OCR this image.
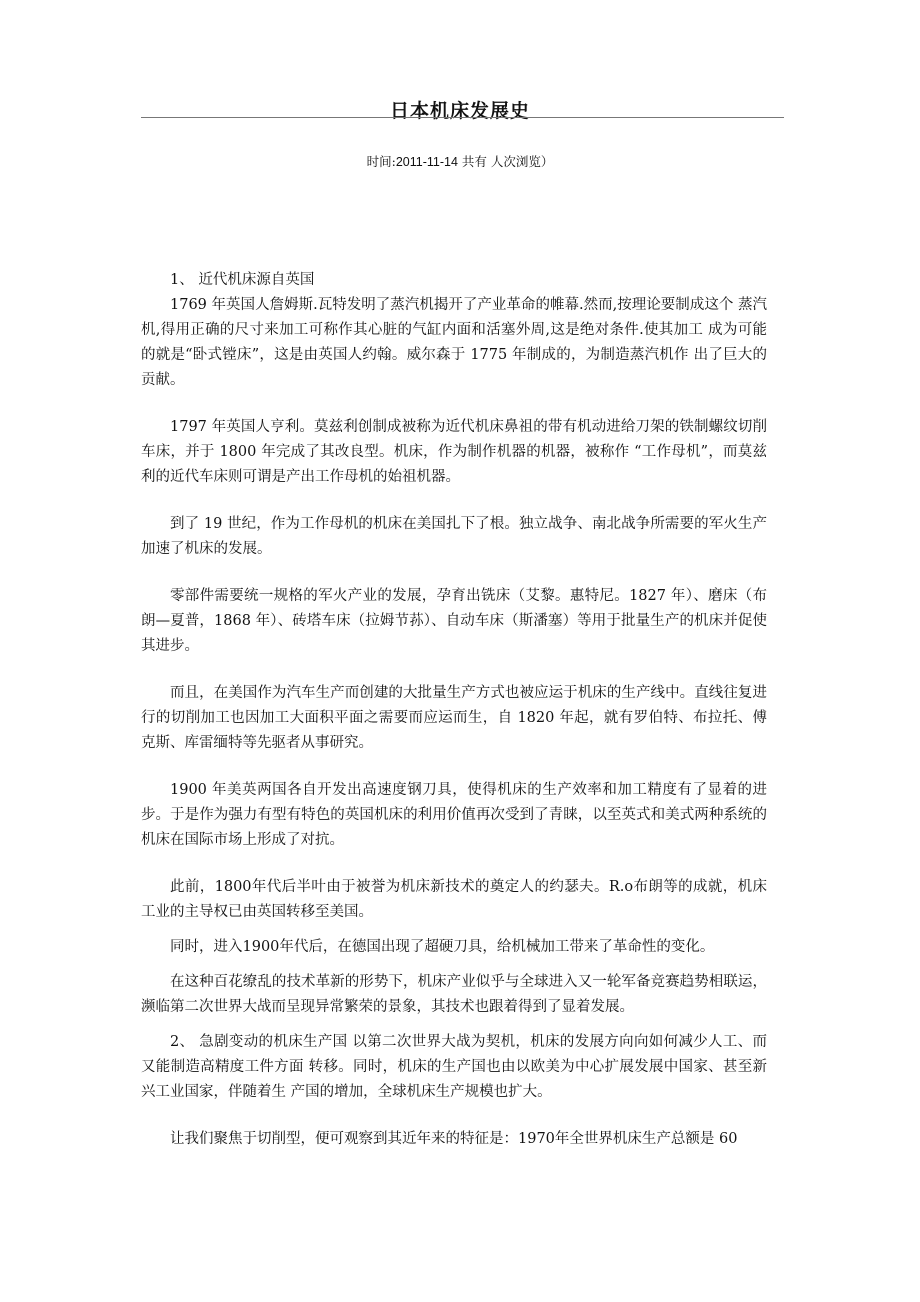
日本机床发展史
时间:2011-11-14 共有 人次浏览）

1、 近代机床源自英国

1769 年英国人詹姆斯.瓦特发明了蒸汽机揭开了产业革命的帷幕.然而,按理论要制成这个 蒸汽机,得用正确的尺寸来加工可称作其心脏的气缸内面和活塞外周,这是绝对条件.使其加工 成为可能的就是“卧式镗床”，这是由英国人约翰。威尔森于 1775 年制成的，为制造蒸汽机作 出了巨大的贡献。

1797 年英国人亨利。莫兹利创制成被称为近代机床鼻祖的带有机动进给刀架的铁制螺纹切削车床，并于 1800 年完成了其改良型。机床，作为制作机器的机器，被称作 “工作母机”，而莫兹利的近代车床则可谓是产出工作母机的始祖机器。

到了 19 世纪，作为工作母机的机床在美国扎下了根。独立战争、南北战争所需要的军火生产加速了机床的发展。

零部件需要统一规格的军火产业的发展，孕育出铣床（艾黎。惠特尼。1827 年）、磨床（布朗—夏普，1868 年）、砖塔车床（拉姆节荪）、自动车床（斯潘塞）等用于批量生产的机床并促使其进步。

而且，在美国作为汽车生产而创建的大批量生产方式也被应运于机床的生产线中。直线往复进行的切削加工也因加工大面积平面之需要而应运而生，自 1820 年起，就有罗伯特、布拉托、傅克斯、库雷缅特等先驱者从事研究。

1900 年美英两国各自开发出高速度钢刀具，使得机床的生产效率和加工精度有了显着的进步。于是作为强力有型有特色的英国机床的利用价值再次受到了青睐，以至英式和美式两种系统的机床在国际市场上形成了对抗。

此前，1800年代后半叶由于被誉为机床新技术的奠定人的约瑟夫。R.o布朗等的成就，机床工业的主导权已由英国转移至美国。

同时，进入1900年代后，在德国出现了超硬刀具，给机械加工带来了革命性的变化。

在这种百花缭乱的技术革新的形势下，机床产业似乎与全球进入又一轮军备竞赛趋势相联运，濒临第二次世界大战而呈现异常繁荣的景象，其技术也跟着得到了显着发展。

2、 急剧变动的机床生产国 以第二次世界大战为契机，机床的发展方向向如何减少人工、而又能制造高精度工件方面 转移。同时，机床的生产国也由以欧美为中心扩展发展中国家、甚至新兴工业国家，伴随着生 产国的增加，全球机床生产规模也扩大。

让我们聚焦于切削型，便可观察到其近年来的特征是：1970年全世界机床生产总额是 60
